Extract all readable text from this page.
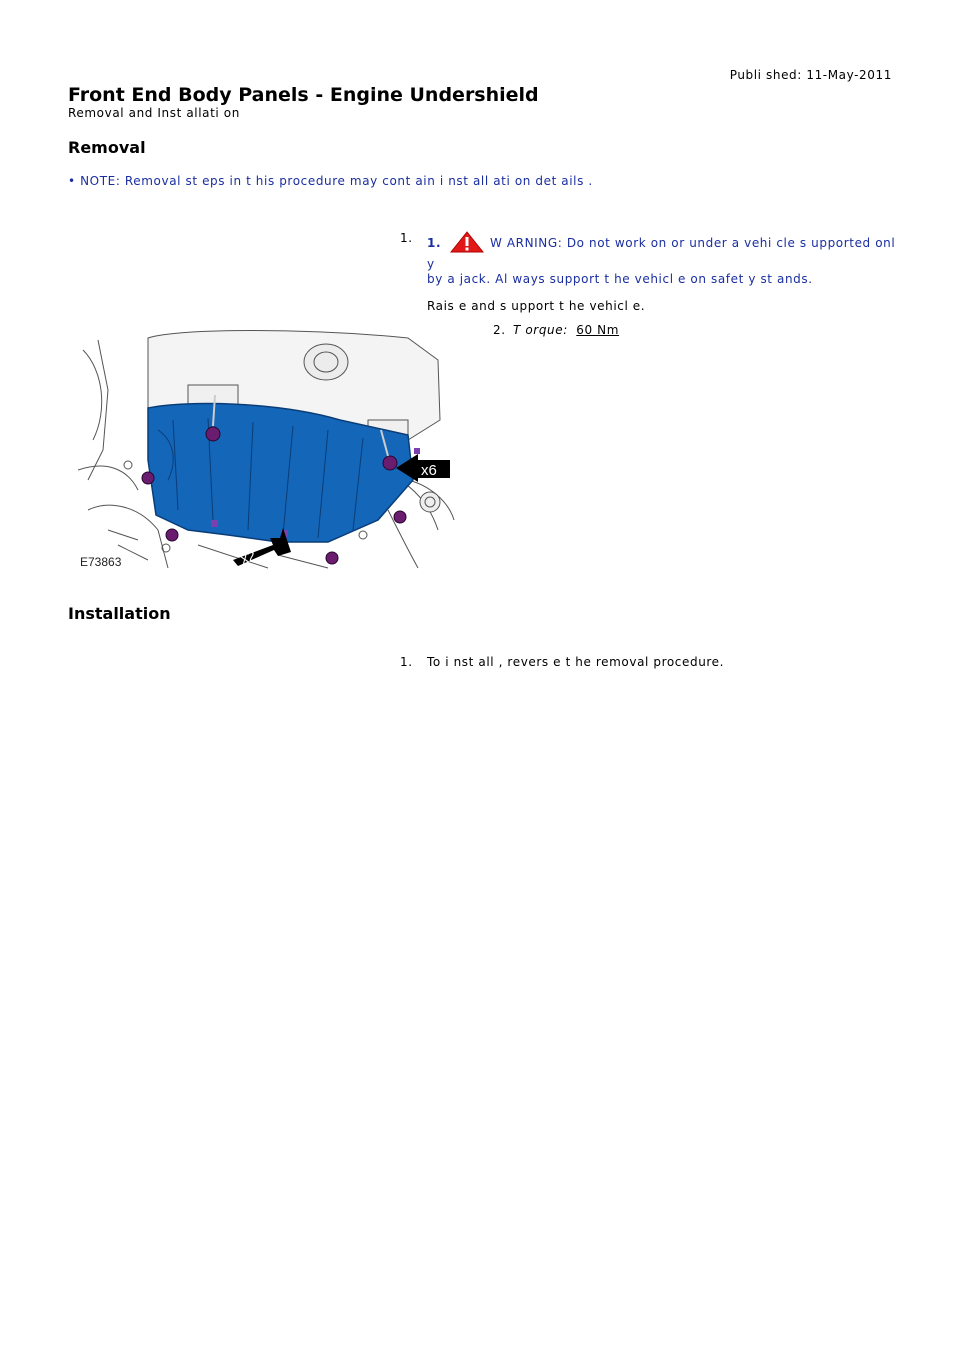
Publi shed: 11-May-2011
Front End Body Panels - Engine Undershield
Removal and Inst allati on
Removal
• NOTE: Removal st eps in t his procedure may cont ain i nst all ati on det ails .
1.	1.	W ARNING: Do not work on or under a vehi cle s upported onl y
by a jack. Al ways support t he vehicl e on safet y st ands.
Rais e and s upport t he vehicl e.
2. T orque: 60 Nm
x6
x2
E73863
Installation
1.	To i nst all , revers e t he removal procedure.
